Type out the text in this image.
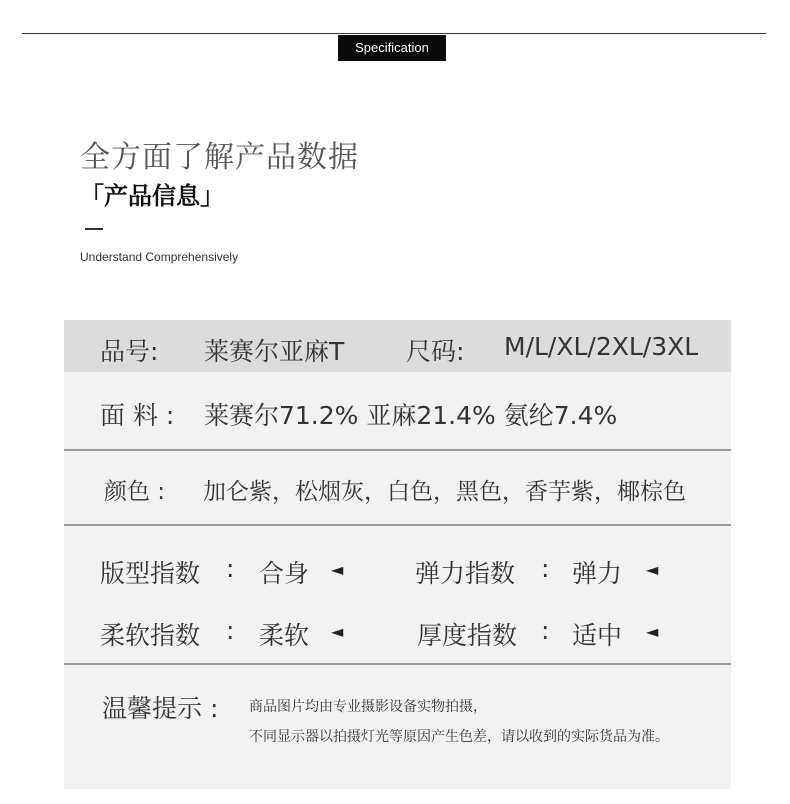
Specification
全方面了解产品数据
「产品信息」
Understand Comprehensively
品号: 莱赛尔亚麻T 尺码: M/L/XL/2XL/3XL
面 料 : 莱赛尔71.2% 亚麻21.4% 氨纶7.4%
颜色 : 加仑紫，松烟灰，白色，黑色，香芋紫，椰棕色
版型指数 : 合身 ◄	弹力指数 : 弹力 ◄
柔软指数 : 柔软 ◄	厚度指数 : 适中 ◄
温馨提示 : 商品图片均由专业摄影设备实物拍摄，
不同显示器以拍摄灯光等原因产生色差，请以收到的实际货品为准。
